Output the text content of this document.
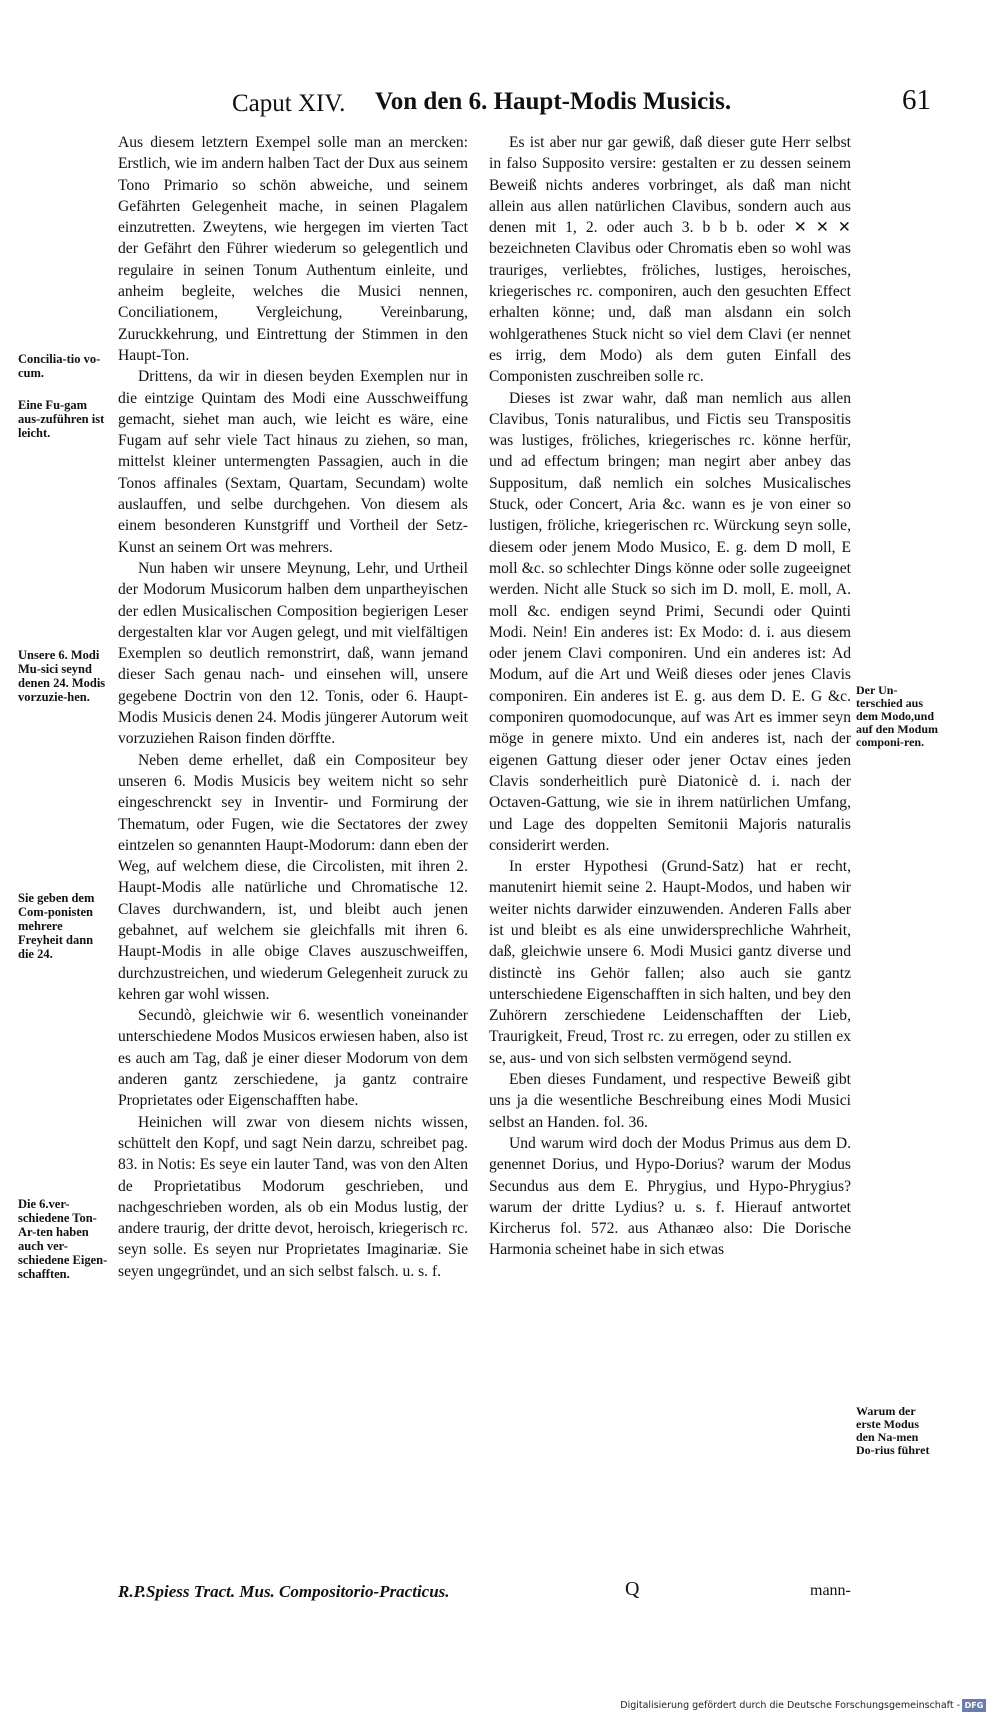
Caput XIV. Von den 6. Haupt-Modis Musicis.	61
Concilia-tio vo-cum.
Eine Fu-gam aus-zuführen ist leicht.
Unsere 6. Modi Mu-sici seynd denen 24. Modis vorzuzie-hen.
Sie geben dem Com-ponisten mehrere Freyheit dann die 24.
Die 6.ver-schiedene Ton-Ar-ten haben auch ver-schiedene Eigen-schafften.

Aus diesem letztern Exempel solle man an mercken: Erstlich, wie im andern halben Tact der Dux aus seinem Tono Primario so schön abweiche, und seinem Gefährten Gelegenheit mache, in seinen Plagalem einzutretten. Zweytens, wie hergegen im vierten Tact der Gefährt den Führer wiederum so gelegentlich und regulaire in seinen Tonum Authentum einleite, und anheim begleite, welches die Musici nennen, Conciliationem, Vergleichung, Vereinbarung, Zuruckkehrung, und Eintrettung der Stimmen in den Haupt-Ton.

Drittens, da wir in diesen beyden Exemplen nur in die eintzige Quintam des Modi eine Ausschweiffung gemacht, siehet man auch, wie leicht es wäre, eine Fugam auf sehr viele Tact hinaus zu ziehen, so man, mittelst kleiner untermengten Passagien, auch in die Tonos affinales (Sextam, Quartam, Secundam) wolte auslauffen, und selbe durchgehen. Von diesem als einem besonderen Kunstgriff und Vortheil der Setz-Kunst an seinem Ort was mehrers.

Nun haben wir unsere Meynung, Lehr, und Urtheil der Modorum Musicorum halben dem unpartheyischen der edlen Musicalischen Composition begierigen Leser dergestalten klar vor Augen gelegt, und mit vielfältigen Exemplen so deutlich remonstrirt, daß, wann jemand dieser Sach genau nach- und einsehen will, unsere gegebene Doctrin von den 12. Tonis, oder 6. Haupt-Modis Musicis denen 24. Modis jüngerer Autorum weit vorzuziehen Raison finden dörffte.

Neben deme erhellet, daß ein Compositeur bey unseren 6. Modis Musicis bey weitem nicht so sehr eingeschrenckt sey in Inventir- und Formirung der Thematum, oder Fugen, wie die Sectatores der zwey eintzelen so genannten Haupt-Modorum: dann eben der Weg, auf welchem diese, die Circolisten, mit ihren 2. Haupt-Modis alle natürliche und Chromatische 12. Claves durchwandern, ist, und bleibt auch jenen gebahnet, auf welchem sie gleichfalls mit ihren 6. Haupt-Modis in alle obige Claves auszuschweiffen, durchzustreichen, und wiederum Gelegenheit zuruck zu kehren gar wohl wissen.

Secundò, gleichwie wir 6. wesentlich voneinander unterschiedene Modos Musicos erwiesen haben, also ist es auch am Tag, daß je einer dieser Modorum von dem anderen gantz zerschiedene, ja gantz contraire Proprietates oder Eigenschafften habe.

Heinichen will zwar von diesem nichts wissen, schüttelt den Kopf, und sagt Nein darzu, schreibet pag. 83. in Notis: Es seye ein lauter Tand, was von den Alten de Proprietatibus Modorum geschrieben, und nachgeschrieben worden, als ob ein Modus lustig, der andere traurig, der dritte devot, heroisch, kriegerisch rc. seyn solle. Es seyen nur Proprietates Imaginariæ. Sie seyen ungegründet, und an sich selbst falsch. u. s. f.

Es ist aber nur gar gewiß, daß dieser gute Herr selbst in falso Supposito versire: gestalten er zu dessen seinem Beweiß nichts anderes vorbringet, als daß man nicht allein aus allen natürlichen Clavibus, sondern auch aus denen mit 1, 2. oder auch 3. b b b. oder ✕ ✕ ✕ bezeichneten Clavibus oder Chromatis eben so wohl was trauriges, verliebtes, fröliches, lustiges, heroisches, kriegerisches rc. componiren, auch den gesuchten Effect erhalten könne; und, daß man alsdann ein solch wohlgerathenes Stuck nicht so viel dem Clavi (er nennet es irrig, dem Modo) als dem guten Einfall des Componisten zuschreiben solle rc.

Dieses ist zwar wahr, daß man nemlich aus allen Clavibus, Tonis naturalibus, und Fictis seu Transpositis was lustiges, fröliches, kriegerisches rc. könne herfür, und ad effectum bringen; man negirt aber anbey das Suppositum, daß nemlich ein solches Musicalisches Stuck, oder Concert, Aria &c. wann es je von einer so lustigen, fröliche, kriegerischen rc. Würckung seyn solle, diesem oder jenem Modo Musico, E. g. dem D moll, E moll &c. so schlechter Dings könne oder solle zugeeignet werden. Nicht alle Stuck so sich im D. moll, E. moll, A. moll &c. endigen seynd Primi, Secundi oder Quinti Modi. Nein! Ein anderes ist: Ex Modo: d. i. aus diesem oder jenem Clavi componiren. Und ein anderes ist: Ad Modum, auf die Art und Weiß dieses oder jenes Clavis componiren. Ein anderes ist E. g. aus dem D. E. G &c. componiren quomodocunque, auf was Art es immer seyn möge in genere mixto. Und ein anderes ist, nach der eigenen Gattung dieser oder jener Octav eines jeden Clavis sonderheitlich purè Diatonicè d. i. nach der Octaven-Gattung, wie sie in ihrem natürlichen Umfang, und Lage des doppelten Semitonii Majoris naturalis considerirt werden.

In erster Hypothesi (Grund-Satz) hat er recht, manutenirt hiemit seine 2. Haupt-Modos, und haben wir weiter nichts darwider einzuwenden. Anderen Falls aber ist und bleibt es als eine unwidersprechliche Wahrheit, daß, gleichwie unsere 6. Modi Musici gantz diverse und distinctè ins Gehör fallen; also auch sie gantz unterschiedene Eigenschafften in sich halten, und bey den Zuhörern zerschiedene Leidenschafften der Lieb, Traurigkeit, Freud, Trost rc. zu erregen, oder zu stillen ex se, aus- und von sich selbsten vermögend seynd.

Eben dieses Fundament, und respective Beweiß gibt uns ja die wesentliche Beschreibung eines Modi Musici selbst an Handen. fol. 36.

Und warum wird doch der Modus Primus aus dem D. genennet Dorius, und Hypo-Dorius? warum der Modus Secundus aus dem E. Phrygius, und Hypo-Phrygius? warum der dritte Lydius? u. s. f. Hierauf antwortet Kircherus fol. 572. aus Athanæo also: Die Dorische Harmonia scheinet habe in sich etwas

Der Un-terschied aus dem Modo,und auf den Modum componi-ren.
Warum der erste Modus den Na-men Do-rius führet
R.P.Spiess Tract. Mus. Compositorio-Practicus.	Q	mann-
Digitalisierung gefördert durch die Deutsche Forschungsgemeinschaft - DFG
